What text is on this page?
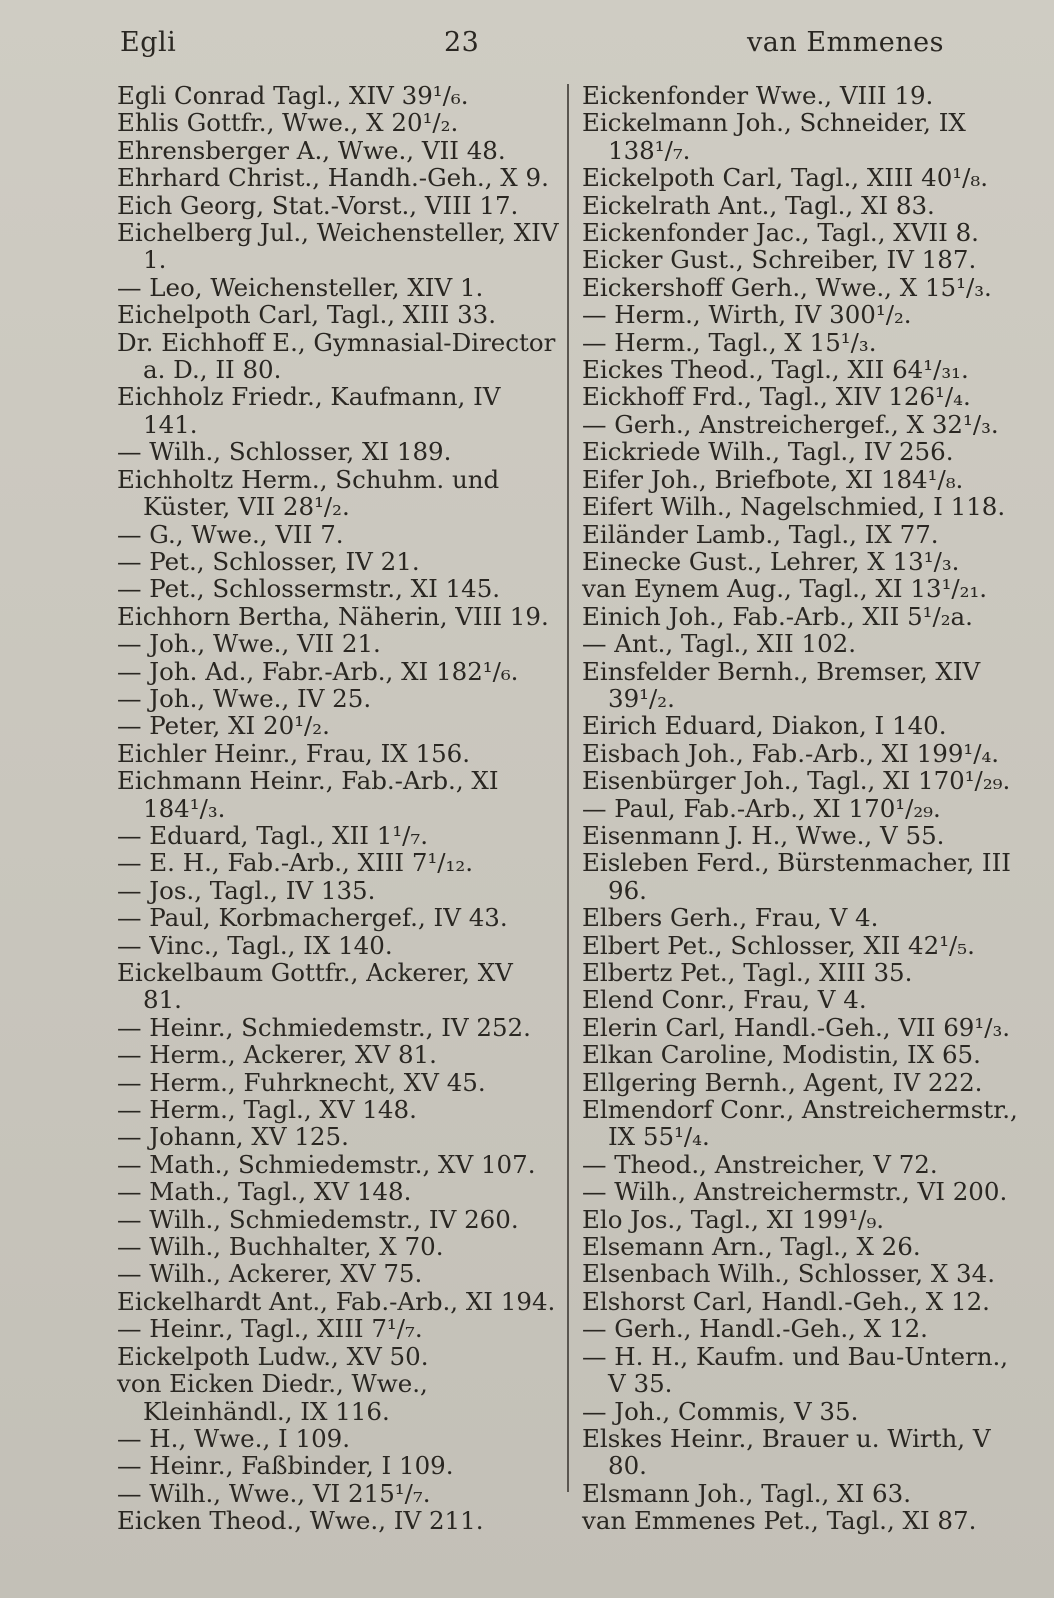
Egli	23	van Emmenes
Egli Conrad Tagl., XIV 39¹/₆.
Ehlis Gottfr., Wwe., X 20¹/₂.
Ehrensberger A., Wwe., VII 48.
Ehrhard Christ., Handh.-Geh., X 9.
Eich Georg, Stat.-Vorst., VIII 17.
Eichelberg Jul., Weichensteller, XIV 1.
— Leo, Weichensteller, XIV 1.
Eichelpoth Carl, Tagl., XIII 33.
Dr. Eichhoff E., Gymnasial-Director a. D., II 80.
Eichholz Friedr., Kaufmann, IV 141.
— Wilh., Schlosser, XI 189.
Eichholtz Herm., Schuhm. und Küster, VII 28¹/₂.
— G., Wwe., VII 7.
— Pet., Schlosser, IV 21.
— Pet., Schlossermstr., XI 145.
Eichhorn Bertha, Näherin, VIII 19.
— Joh., Wwe., VII 21.
— Joh. Ad., Fabr.-Arb., XI 182¹/₆.
— Joh., Wwe., IV 25.
— Peter, XI 20¹/₂.
Eichler Heinr., Frau, IX 156.
Eichmann Heinr., Fab.-Arb., XI 184¹/₃.
— Eduard, Tagl., XII 1¹/₇.
— E. H., Fab.-Arb., XIII 7¹/₁₂.
— Jos., Tagl., IV 135.
— Paul, Korbmachergef., IV 43.
— Vinc., Tagl., IX 140.
Eickelbaum Gottfr., Ackerer, XV 81.
— Heinr., Schmiedemstr., IV 252.
— Herm., Ackerer, XV 81.
— Herm., Fuhrknecht, XV 45.
— Herm., Tagl., XV 148.
— Johann, XV 125.
— Math., Schmiedemstr., XV 107.
— Math., Tagl., XV 148.
— Wilh., Schmiedemstr., IV 260.
— Wilh., Buchhalter, X 70.
— Wilh., Ackerer, XV 75.
Eickelhardt Ant., Fab.-Arb., XI 194.
— Heinr., Tagl., XIII 7¹/₇.
Eickelpoth Ludw., XV 50.
von Eicken Diedr., Wwe., Kleinhändl., IX 116.
— H., Wwe., I 109.
— Heinr., Faßbinder, I 109.
— Wilh., Wwe., VI 215¹/₇.
Eicken Theod., Wwe., IV 211.
Eickenfonder Wwe., VIII 19.
Eickelmann Joh., Schneider, IX 138¹/₇.
Eickelpoth Carl, Tagl., XIII 40¹/₈.
Eickelrath Ant., Tagl., XI 83.
Eickenfonder Jac., Tagl., XVII 8.
Eicker Gust., Schreiber, IV 187.
Eickershoff Gerh., Wwe., X 15¹/₃.
— Herm., Wirth, IV 300¹/₂.
— Herm., Tagl., X 15¹/₃.
Eickes Theod., Tagl., XII 64¹/₃₁.
Eickhoff Frd., Tagl., XIV 126¹/₄.
— Gerh., Anstreichergef., X 32¹/₃.
Eickriede Wilh., Tagl., IV 256.
Eifer Joh., Briefbote, XI 184¹/₈.
Eifert Wilh., Nagelschmied, I 118.
Eiländer Lamb., Tagl., IX 77.
Einecke Gust., Lehrer, X 13¹/₃.
van Eynem Aug., Tagl., XI 13¹/₂₁.
Einich Joh., Fab.-Arb., XII 5¹/₂a.
— Ant., Tagl., XII 102.
Einsfelder Bernh., Bremser, XIV 39¹/₂.
Eirich Eduard, Diakon, I 140.
Eisbach Joh., Fab.-Arb., XI 199¹/₄.
Eisenbürger Joh., Tagl., XI 170¹/₂₉.
— Paul, Fab.-Arb., XI 170¹/₂₉.
Eisenmann J. H., Wwe., V 55.
Eisleben Ferd., Bürstenmacher, III 96.
Elbers Gerh., Frau, V 4.
Elbert Pet., Schlosser, XII 42¹/₅.
Elbertz Pet., Tagl., XIII 35.
Elend Conr., Frau, V 4.
Elerin Carl, Handl.-Geh., VII 69¹/₃.
Elkan Caroline, Modistin, IX 65.
Ellgering Bernh., Agent, IV 222.
Elmendorf Conr., Anstreichermstr., IX 55¹/₄.
— Theod., Anstreicher, V 72.
— Wilh., Anstreichermstr., VI 200.
Elo Jos., Tagl., XI 199¹/₉.
Elsemann Arn., Tagl., X 26.
Elsenbach Wilh., Schlosser, X 34.
Elshorst Carl, Handl.-Geh., X 12.
— Gerh., Handl.-Geh., X 12.
— H. H., Kaufm. und Bau-Untern., V 35.
— Joh., Commis, V 35.
Elskes Heinr., Brauer u. Wirth, V 80.
Elsmann Joh., Tagl., XI 63.
van Emmenes Pet., Tagl., XI 87.
